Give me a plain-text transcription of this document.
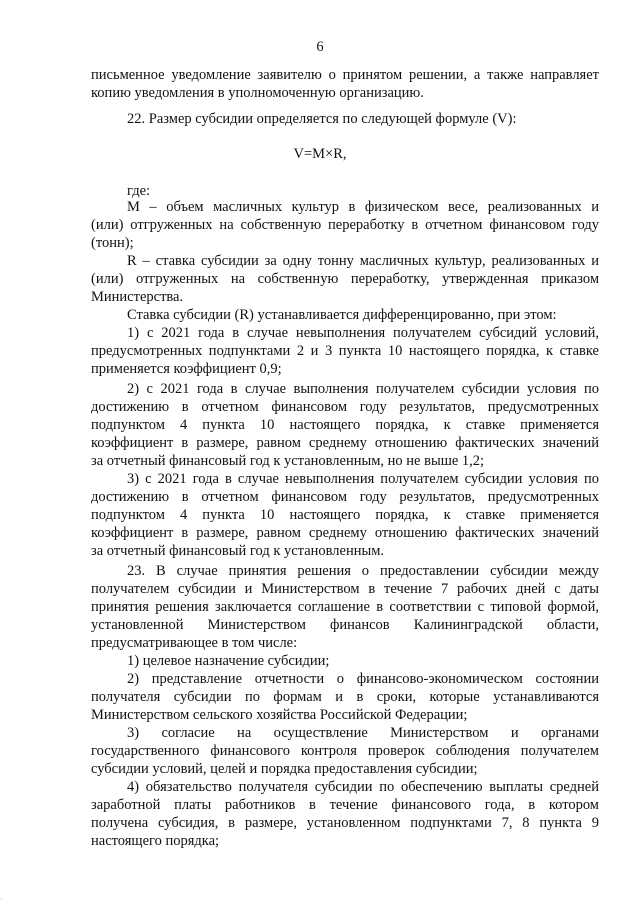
6
V=M×R,
письменное уведомление заявителю о принятом решении, а также направляет
копию уведомления в уполномоченную организацию.
22. Размер субсидии определяется по следующей формуле (V):
где:
М – объем масличных культур в физическом весе, реализованных и
(или) отгруженных на собственную переработку в отчетном финансовом году
(тонн);
R – ставка субсидии за одну тонну масличных культур, реализованных и
(или) отгруженных на собственную переработку, утвержденная приказом
Министерства.
Ставка субсидии (R) устанавливается дифференцированно, при этом:
1) с 2021 года в случае невыполнения получателем субсидий условий,
предусмотренных подпунктами 2 и 3 пункта 10 настоящего порядка, к ставке
применяется коэффициент 0,9;
2) с 2021 года в случае выполнения получателем субсидии условия по
достижению в отчетном финансовом году результатов, предусмотренных
подпунктом 4 пункта 10 настоящего порядка, к ставке применяется
коэффициент в размере, равном среднему отношению фактических значений
за отчетный финансовый год к установленным, но не выше 1,2;
3) с 2021 года в случае невыполнения получателем субсидии условия по
достижению в отчетном финансовом году результатов, предусмотренных
подпунктом 4 пункта 10 настоящего порядка, к ставке применяется
коэффициент в размере, равном среднему отношению фактических значений
за отчетный финансовый год к установленным.
23. В случае принятия решения о предоставлении субсидии между
получателем субсидии и Министерством в течение 7 рабочих дней с даты
принятия решения заключается соглашение в соответствии с типовой формой,
установленной Министерством финансов Калининградской области,
предусматривающее в том числе:
1) целевое назначение субсидии;
2) представление отчетности о финансово-экономическом состоянии
получателя субсидии по формам и в сроки, которые устанавливаются
Министерством сельского хозяйства Российской Федерации;
3) согласие на осуществление Министерством и органами
государственного финансового контроля проверок соблюдения получателем
субсидии условий, целей и порядка предоставления субсидии;
4) обязательство получателя субсидии по обеспечению выплаты средней
заработной платы работников в течение финансового года, в котором
получена субсидия, в размере, установленном подпунктами 7, 8 пункта 9
настоящего порядка;
·
